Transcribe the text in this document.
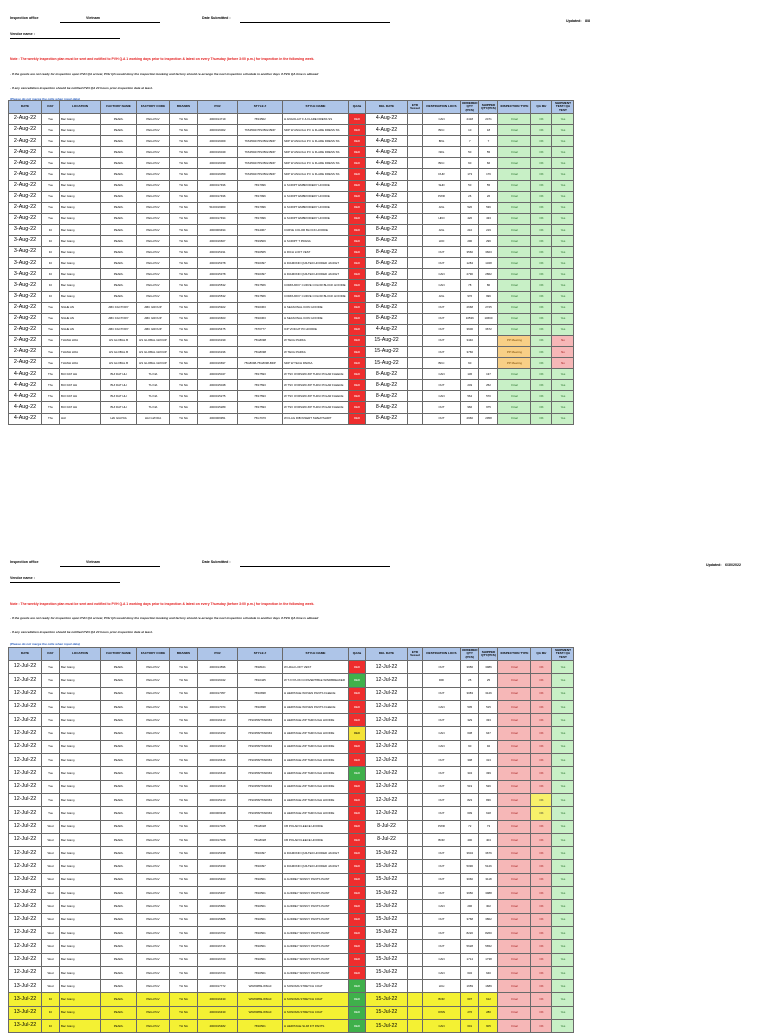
Inspection office	Vietnam	Date Submitted :
Updated: 8/8
Vendor name :
Note : The weekly inspection plan must be sent and notified to PVH Q.A 1 working days prior to inspection & latest on every Thursday (before 3:00 p.m.) for inspection in the following week.
- If the goods are not ready for inspection upon PVH QA arrival, PVH QA would deny the inspection booking and factory should re-arrange the next inspection schedule in another days if PVH QA time is allowed
- If any cancellation inspection should be notified PVH QA 24 hours prior inspection date at least.
(Please do not merge the cells when input data)
DATE	DAY	LOCATION	FACTORY NAME	FACTORY CODE	BRANDS	PO#	STYLE #	STYLE NAME	QA#&	DEL DATE	ETD Vessel	DESTINATION LOCS	ORDERED QTY (PCS)	SHIPPED QTY(PCS)	INSPECTION TYPE	QA Mtr	SHIPMENT TEST/ QA TEST
2-Aug-22	Tue	Bac Giang	PEARL	PEG-PGV	TH NA	4000014719	76S3502	H ANGOLA P F & FLARE DRESS SS	RED	4-Aug-22		CAN	2418	2471	Final	OK	Yes
2-Aug-22	Tue	Bac Giang	PEARL	PEG-PGV	TH NA	4000016002	76S3502/76S3502-BDP	SDP W ANGOLA P F & FLARE DRESS SS	RED	4-Aug-22		BKC	10	18	Final	OK	Yes
2-Aug-22	Tue	Bac Giang	PEARL	PEG-PGV	TH NA	4000016009	76S3502/76S3502-BDP	SDP W ANGOLA P F & FLARE DRESS SS	RED	4-Aug-22		BNL	7	7	Final	OK	Yes
2-Aug-22	Tue	Bac Giang	PEARL	PEG-PGV	TH NA	4000016049	76S3502/76S3502-BDP	SDP W ANGOLA P F & FLARE DRESS SS	RED	4-Aug-22		NDL	50	55	Final	OK	Yes
2-Aug-22	Tue	Bac Giang	PEARL	PEG-PGV	TH NA	4000016039	76S3502/76S3502-BDP	SDP W ANGOLA P F & FLARE DRESS SS	RED	4-Aug-22		BKC	60	66	Final	OK	Yes
2-Aug-22	Tue	Bac Giang	PEARL	PEG-PGV	TH NA	4000016059	76S3502/76S3502-BDP	SDP W ANGOLA P F & FLARE DRESS SS	RED	4-Aug-22		DUR	173	176	Final	OK	Yes
2-Aug-22	Tue	Bac Giang	PEARL	PEG-PGV	TH NA	4000017496	76S7996	H SCRIPT EMBROIDERY HOODIE	RED	4-Aug-22		SHD	50	55	Final	OK	Yes
2-Aug-22	Tue	Bac Giang	PEARL	PEG-PGV	TH NA	4000017496	76S7996	H SCRIPT EMBROIDERY HOODIE	RED	4-Aug-22		PWR	26	26	Final	OK	Yes
2-Aug-22	Tue	Bac Giang	PEARL	PEG-PGV	TH NA	5100019960	76S7996	H SCRIPT EMBROIDERY HOODIE	RED	4-Aug-22		ANL	520	536	Final	OK	Yes
2-Aug-22	Tue	Bac Giang	PEARL	PEG-PGV	TH NA	4000017494	76S7996	H SCRIPT EMBROIDERY HOODIE	RED	4-Aug-22		HKD	420	433	Final	OK	Yes
3-Aug-22	Fri	Bac Giang	PEARL	PEG-PGV	TH NA	4000009494	76S4067	CURVE COLOR BLOCK HOODIE	RED	8-Aug-22		ANL	210	219	Final	OK	Yes
3-Aug-22	Fri	Bac Giang	PEARL	PEG-PGV	TH NA	4000016667	76S9509	H SCRIPT T PRANA	RED	8-Aug-22		LKD	290	296	Final	OK	Yes
3-Aug-22	Fri	Bac Giang	PEARL	PEG-PGV	TH NA	4000015191	76S6565	H RICH LOFT VEST	RED	8-Aug-22		OUT	3560	3603	Final	OK	Yes
3-Aug-22	Fri	Bac Giang	PEARL	PEG-PGV	TH NA	4000015378	76S6397	H DIAMOND QUILTED HOODED JACKET	RED	8-Aug-22		OUT	1284	1328	Final	OK	Yes
3-Aug-22	Fri	Bac Giang	PEARL	PEG-PGV	TH NA	4000015378	76S6397	H DIAMOND QUILTED HOODED JACKET	RED	8-Aug-22		CAN	2790	2862	Final	OK	Yes
3-Aug-22	Fri	Bac Giang	PEARL	PEG-PGV	TH NA	4000015532	76S7566	CORDUROY CURVE COLOR BLOCK HOODIE	RED	8-Aug-22		CAN	78	80	Final	OK	Yes
3-Aug-22	Fri	Bac Giang	PEARL	PEG-PGV	TH NA	4000015532	76S7566	CORDUROY CURVE COLOR BLOCK HOODIE	RED	8-Aug-22		ANL	976	996	Final	OK	Yes
2-Aug-22	Tue	NGHE AN	ABC FACTORY	ABC GROUP	TH NA	4000015922	76S6363	H SEASONAL ICON HOODIE	RED	8-Aug-22		OUT	2668	2725	Final	OK	Yes
2-Aug-22	Tue	NGHE AN	ABC FACTORY	ABC GROUP	TH NA	4000016663	76S6363	H SEASONAL ICON HOODIE	RED	8-Aug-22		OUT	10536	10660	Final	OK	Yes
2-Aug-22	Tue	NGHE AN	ABC FACTORY	ABC GROUP	TH NA	4000015475	76T0777	ICP VOICHT P0 HOODIE	RED	4-Aug-22		OUT	3600	3672	Final	OK	Yes
2-Aug-22	Tue	THANH HOA	HS GLOBAL B	HS GLOBAL GROUP	TH NA	4000016199	75G8098	W TECH PARKA	RED	15-Aug-22		OUT	3440		PP Meeting	OK	No
2-Aug-22	Tue	THANH HOA	HS GLOBAL B	HS GLOBAL GROUP	TH NA	4000016196	75G8098	W TECH PARKA	RED	15-Aug-22		OUT	3766		PP Meeting	OK	No
2-Aug-22	Tue	THANH HOA	HS GLOBAL B	HS GLOBAL GROUP	TH NA	4000016697	75G8098-75G8098-BDP	SDP W TECH PARKA	RED	15-Aug-22		BKC	60		PP Meeting	OK	No
4-Aug-22	Thu	BUI DAT HH	BUI DAT HH	TH NA	TH NA	4000015047	76S7593	W TSV OVRSIZD ZIP THRU POLAR FLEECE	RED	8-Aug-22		CAN	136	137	Final	OK	Yes
4-Aug-22	Thu	BUI DAT HH	BUI DAT HH	TH NA	TH NA	4000015048	76S7593	W TSV OVRSIZD ZIP THRU POLAR FLEECE	RED	8-Aug-22		OUT	249	252	Final	OK	Yes
4-Aug-22	Thu	BUI DAT HH	BUI DAT HH	TH NA	TH NA	4000015275	76S7593	W TSV OVRSIZD ZIP THRU POLAR FLEECE	RED	8-Aug-22		CAN	564	570	Final	OK	Yes
4-Aug-22	Thu	BUI DAT HH	BUI DAT HH	TH NA	TH NA	4000015289	76S7593	W TSV OVRSIZD ZIP THRU POLAR FLEECE	RED	8-Aug-22		OUT	966	975	Final	OK	Yes
4-Aug-22	Thu	HAI	HAI GIAYDA	HAI GIAYDA	TH NA	4000009951	75G7970	W FLAG RIB INSERT SWEATSHIRT	RED	8-Aug-22		OUT	2960	2958	Final	OK	Yes
Inspection office	Vietnam	Date Submitted :
Updated: 6/30/2022
Vendor name :
Note : The weekly inspection plan must be sent and notified to PVH Q.A 1 working days prior to inspection & latest on every Thursday (before 3:00 p.m.) for inspection in the following week.
- If the goods are not ready for inspection upon PVH QA arrival, PVH QA would deny the inspection booking and factory should re-arrange the next inspection schedule in another days if PVH QA time is allowed
- If any cancellation inspection should be notified PVH QA 24 hours prior inspection date at least.
(Please do not merge the cells when input data)
DATE	DAY	LOCATION	FACTORY NAME	FACTORY CODE	BRANDS	PO#	STYLE #	STYLE NAME	QA#&	DEL DATE	ETD Vessel	DESTINATION LOCS	ORDERED QTY (PCS)	SHIPPED QTY(PCS)	INSPECTION TYPE	QA Mtr	SHIPMENT TEST/ QA TEST
12-Jul-22	Tue	Bac Giang	PEARL	PEG-PGV	TH NA	4000014596	76S8101	W HIGH LOFT VEST	RED	12-Jul-22		OUT	3956	3986	Final	OK	Yes
12-Jul-22	Tue	Bac Giang	PEARL	PEG-PGV	TH NA	1000016042	76S0445	W TJ NYLON CONVERTIBLE WINDBREAKER	RED	12-Jul-22		DRI	25	25	Final	OK	Yes
12-Jul-22	Tue	Bac Giang	PEARL	PEG-PGV	TH NA	4000017057	76S0838	H HERITAGE WOVEN PANTS FLEECE	RED	12-Jul-22		OUT	3083	3126	Final	OK	Yes
12-Jul-22	Tue	Bac Giang	PEARL	PEG-PGV	TH NA	4000017074	76S0838	H HERITAGE WOVEN PANTS FLEECE	RED	12-Jul-22		CAN	505	515	Final	OK	Yes
12-Jul-22	Tue	Bac Giang	PEARL	PEG-PGV	TH NA	4000016413	76S0358/76S0963	H HERITAGE ZIP THROUGH HOODIE	RED	12-Jul-22		OUT	329	333	Final	OK	Yes
12-Jul-22	Tue	Bac Giang	PEARL	PEG-PGV	TH NA	4000016152	76S0358/76S0963	H HERITAGE ZIP THROUGH HOODIE	RED	12-Jul-22		CAN	638	647	Final	OK	Yes
12-Jul-22	Tue	Bac Giang	PEARL	PEG-PGV	TH NA	4000016613	76S0358/76S0963	H HERITAGE ZIP THROUGH HOODIE	RED	12-Jul-22		CAN	90	92	Final	OK	Yes
12-Jul-22	Tue	Bac Giang	PEARL	PEG-PGV	TH NA	4000016616	76S0358/76S0963	H HERITAGE ZIP THROUGH HOODIE	RED	12-Jul-22		OUT	308	313	Final	OK	Yes
12-Jul-22	Tue	Bac Giang	PEARL	PEG-PGV	TH NA	4000016619	76S0358/76S0963	H HERITAGE ZIP THROUGH HOODIE	RED	12-Jul-22		OUT	334	339	Final	OK	Yes
12-Jul-22	Tue	Bac Giang	PEARL	PEG-PGV	TH NA	4000016619	76S0358/76S0963	H HERITAGE ZIP THROUGH HOODIE	RED	12-Jul-22		OUT	519	526	Final	OK	Yes
12-Jul-22	Tue	Bac Giang	PEARL	PEG-PGV	TH NA	4000015210	76S0358/76S0963	H HERITAGE ZIP THROUGH HOODIE	RED	12-Jul-22		OUT	823	836	Final	OK	Yes
12-Jul-22	Tue	Bac Giang	PEARL	PEG-PGV	TH NA	4000009918	76S0358/76S0963	H HERITAGE ZIP THROUGH HOODIE	RED	12-Jul-22		OUT	609	618	Final	OK	Yes
12-Jul-22	Wed	Bac Giang	PEARL	PEG-PGV	TH NA	4000017025	75G8028	CB POLAR FLEECE HOODIE	RED	8-Jul-22		PWR	72	73	Final	OK	Yes
12-Jul-22	Wed	Bac Giang	PEARL	PEG-PGV	TH NA	4000017028	75G8028	CB POLAR FLEECE HOODIE	RED	8-Jul-22		BOR	400	404	Final	OK	Yes
12-Jul-22	Wed	Bac Giang	PEARL	PEG-PGV	TH NA	4000015338	76S6397	H DIAMOND QUILTED HOODED JACKET	RED	15-Jul-22		OUT	3604	3676	Final	OK	Yes
12-Jul-22	Wed	Bac Giang	PEARL	PEG-PGV	TH NA	4000015339	76S6397	H DIAMOND QUILTED HOODED JACKET	RED	15-Jul-22		OUT	5096	5126	Final	OK	Yes
12-Jul-22	Wed	Bac Giang	PEARL	PEG-PGV	TH NA	4000015463	76S6501	H AUDREY SKINNY PANTS PAINT	RED	15-Jul-22		OUT	3060	3118	Final	OK	Yes
12-Jul-22	Wed	Bac Giang	PEARL	PEG-PGV	TH NA	4000015467	76S6501	H AUDREY SKINNY PANTS PAINT	RED	15-Jul-22		OUT	3950	3988	Final	OK	Yes
12-Jul-22	Wed	Bac Giang	PEARL	PEG-PGV	TH NA	4000015684	76S6501	H AUDREY SKINNY PANTS PAINT	RED	15-Jul-22		CAN	296	302	Final	OK	Yes
12-Jul-22	Wed	Bac Giang	PEARL	PEG-PGV	TH NA	4000015685	76S6501	H AUDREY SKINNY PANTS PAINT	RED	15-Jul-22		OUT	3768	3802	Final	OK	Yes
12-Jul-22	Wed	Bac Giang	PEARL	PEG-PGV	TH NA	4000016702	76S6501	H AUDREY SKINNY PANTS PAINT	RED	15-Jul-22		OUT	8220	8260	Final	OK	Yes
12-Jul-22	Wed	Bac Giang	PEARL	PEG-PGV	TH NA	4000016716	76S6501	H AUDREY SKINNY PANTS PAINT	RED	15-Jul-22		OUT	5628	5652	Final	OK	Yes
12-Jul-22	Wed	Bac Giang	PEARL	PEG-PGV	TH NA	4000016720	76S6501	H AUDREY SKINNY PANTS PAINT	RED	15-Jul-22		CAN	1714	1738	Final	OK	Yes
12-Jul-22	Wed	Bac Giang	PEARL	PEG-PGV	TH NA	4000016724	76S6501	H AUDREY SKINNY PANTS PAINT	RED	15-Jul-22		CAN	632	640	Final	OK	Yes
13-Jul-22	Wed	Bac Giang	PEARL	PEG-PGV	TH NA	4000017772	W6W0869-W6G0	H SONOMA STRETCH COAT	RED	15-Jul-22		LKH	1659	1689	Final	OK	Yes
13-Jul-22	Fri	Bac Giang	PEARL	PEG-PGV	TH NA	4000016430	W6W0869-W6G0	H SONOMA STRETCH COAT	RED	15-Jul-22		BOR	607	612	Final	OK	Yes
13-Jul-22	Fri	Bac Giang	PEARL	PEG-PGV	TH NA	4000016430	W6W0869-W6G0	H SONOMA STRETCH COAT	RED	15-Jul-22		OWN	276	280	Final	OK	Yes
13-Jul-22	Fri	Bac Giang	PEARL	PEG-PGV	TH NA	4000015482	76S6501	H HERITAGE SLIM FIT PANTS	RED	15-Jul-22		CAN	601	605	Final	OK	Yes
